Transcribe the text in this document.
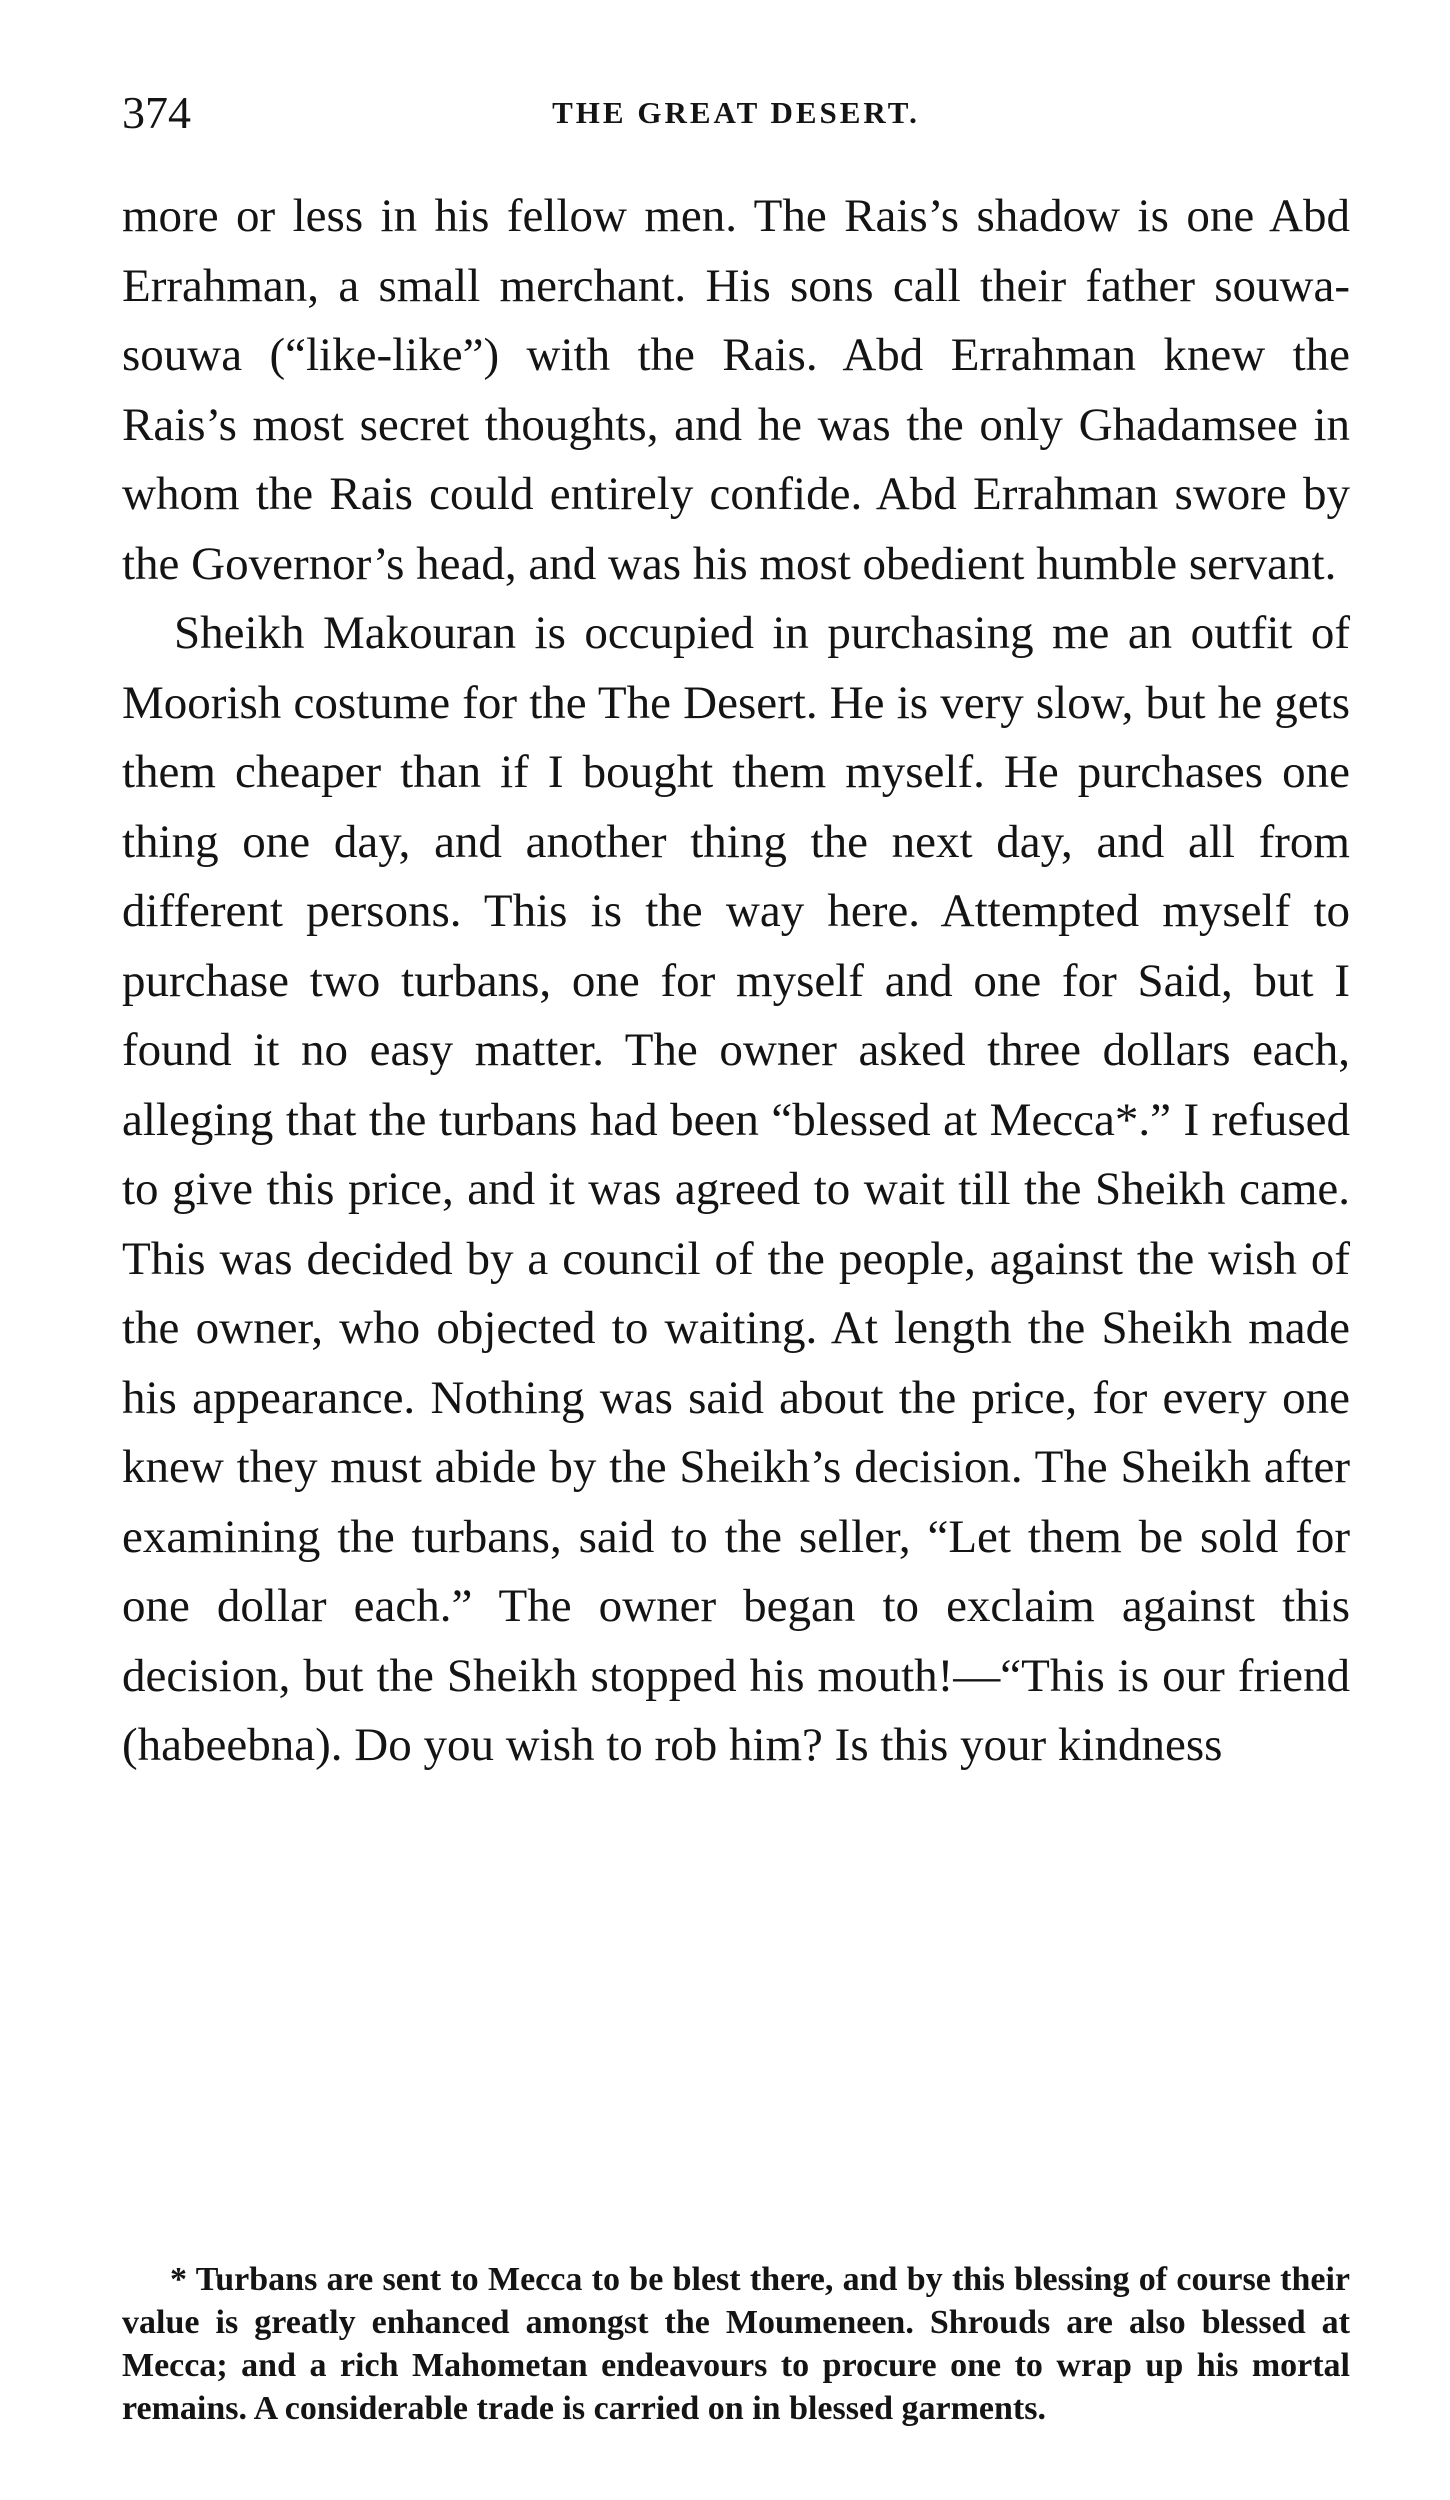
374	THE GREAT DESERT.

more or less in his fellow men. The Rais’s shadow is one Abd Errahman, a small merchant. His sons call their father souwa-souwa (“like-like”) with the Rais. Abd Errahman knew the Rais’s most secret thoughts, and he was the only Ghadamsee in whom the Rais could entirely confide. Abd Errahman swore by the Governor’s head, and was his most obedient humble servant.

Sheikh Makouran is occupied in purchasing me an outfit of Moorish costume for the The Desert. He is very slow, but he gets them cheaper than if I bought them myself. He purchases one thing one day, and another thing the next day, and all from different persons. This is the way here. Attempted myself to purchase two turbans, one for myself and one for Said, but I found it no easy matter. The owner asked three dollars each, alleging that the turbans had been “blessed at Mecca*.” I refused to give this price, and it was agreed to wait till the Sheikh came. This was decided by a council of the people, against the wish of the owner, who objected to waiting. At length the Sheikh made his appearance. Nothing was said about the price, for every one knew they must abide by the Sheikh’s decision. The Sheikh after examining the turbans, said to the seller, “Let them be sold for one dollar each.” The owner began to exclaim against this decision, but the Sheikh stopped his mouth!—“This is our friend (habeebna). Do you wish to rob him? Is this your kindness

* Turbans are sent to Mecca to be blest there, and by this blessing of course their value is greatly enhanced amongst the Moumeneen. Shrouds are also blessed at Mecca; and a rich Mahometan endeavours to procure one to wrap up his mortal remains. A considerable trade is carried on in blessed garments.
